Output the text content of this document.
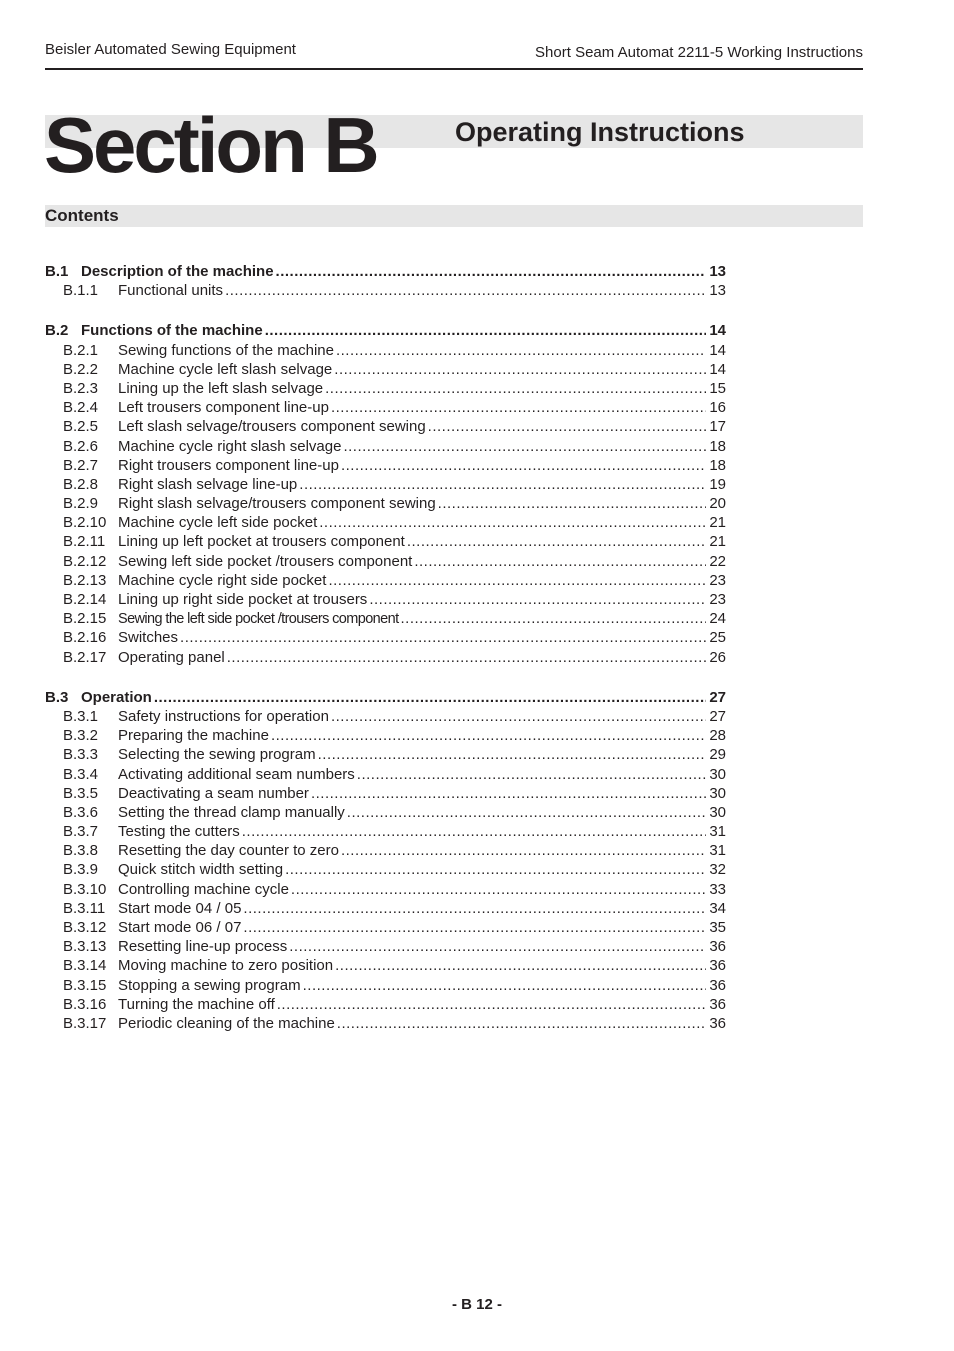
Beisler Automated Sewing Equipment	Short Seam Automat 2211-5 Working Instructions
Section B	Operating Instructions
Contents
B.1 Description of the machine .....	13
B.1.1	Functional units .....	13
B.2 Functions of the machine .....	14
B.2.1	Sewing functions of the machine .....	14
B.2.2	Machine cycle left slash selvage .....	14
B.2.3	Lining up the left slash selvage .....	15
B.2.4	Left trousers component line-up .....	16
B.2.5	Left slash selvage/trousers component sewing .....	17
B.2.6	Machine cycle right slash selvage .....	18
B.2.7	Right trousers component line-up .....	18
B.2.8	Right slash selvage line-up .....	19
B.2.9	Right slash selvage/trousers component sewing .....	20
B.2.10 Machine cycle left side pocket .....	21
B.2.11 Lining up left pocket at trousers component .....	21
B.2.12 Sewing left side pocket /trousers component .....	22
B.2.13 Machine cycle right side pocket .....	23
B.2.14 Lining up right side pocket at trousers .....	23
B.2.15 Sewing the left side pocket /trousers component .....	24
B.2.16 Switches .....	25
B.2.17 Operating panel .....	26
B.3 Operation .....	27
B.3.1	Safety instructions for operation .....	27
B.3.2	Preparing the machine .....	28
B.3.3	Selecting the sewing program .....	29
B.3.4	Activating additional seam numbers .....	30
B.3.5	Deactivating a seam number .....	30
B.3.6	Setting the thread clamp manually .....	30
B.3.7	Testing the cutters .....	31
B.3.8	Resetting the day counter to zero .....	31
B.3.9	Quick stitch width setting .....	32
B.3.10 Controlling machine cycle .....	33
B.3.11 Start mode 04 / 05 .....	34
B.3.12 Start mode 06 / 07 .....	35
B.3.13 Resetting line-up process .....	36
B.3.14 Moving machine to zero position .....	36
B.3.15 Stopping a sewing program .....	36
B.3.16 Turning the machine off .....	36
B.3.17 Periodic cleaning of the machine .....	36
- B 12 -
